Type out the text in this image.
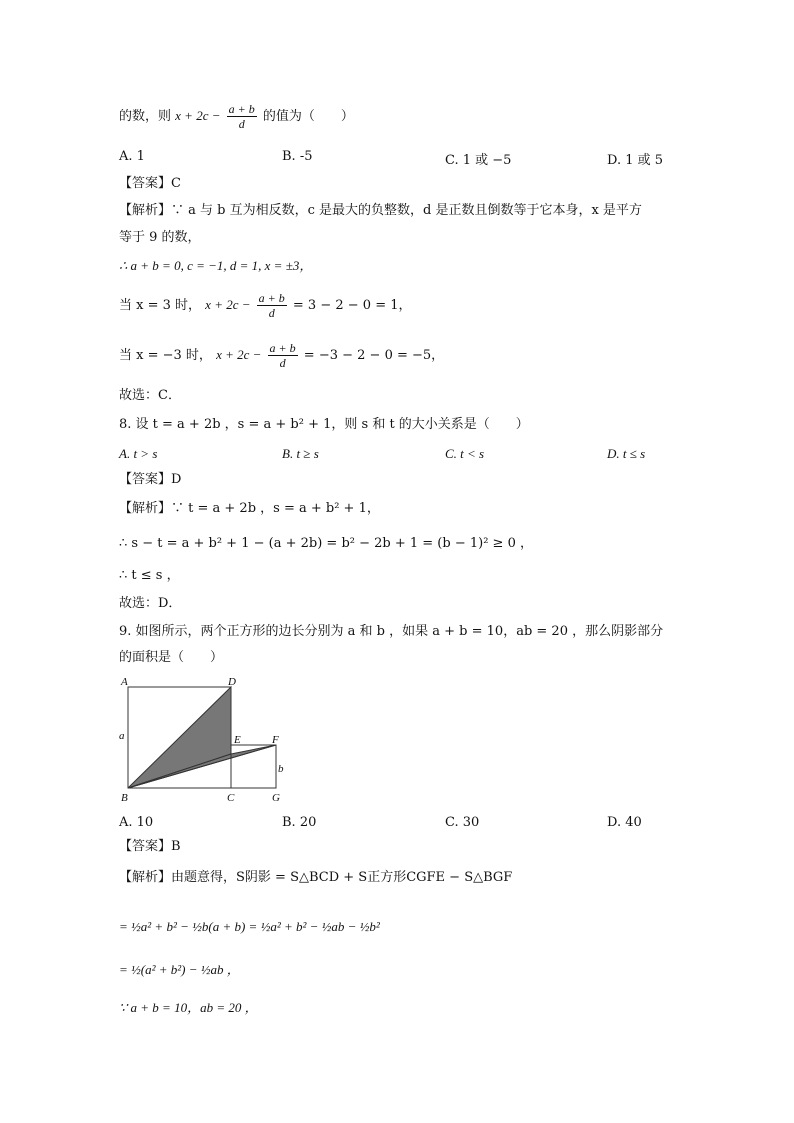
的数，则 $x + 2c - \frac{a + b}{d}$ 的值为（　　）
A. 1	B. -5	C. 1 或 −5	D. 1 或 5
【答案】C
【解析】∵ a 与 b 互为相反数，c 是最大的负整数，d 是正数且倒数等于它本身，x 是平方
等于 9 的数，
∴ a + b = 0, c = −1, d = 1, x = ±3，
当 x = 3 时， $x + 2c - \frac{a + b}{d} = 3 - 2 - 0 = 1$，
当 x = −3 时， $x + 2c - \frac{a + b}{d} = -3 - 2 - 0 = -5$，
故选：C．
8. 设 t = a + 2b ，s = a + b² + 1，则 s 和 t 的大小关系是（　　）
A. t > s	B. t ≥ s	C. t < s	D. t ≤ s
【答案】D
【解析】∵ t = a + 2b ，s = a + b² + 1，
∴ s − t = a + b² + 1 − (a + 2b) = b² − 2b + 1 = (b − 1)² ≥ 0 ，
∴ t ≤ s ，
故选：D．
9. 如图所示，两个正方形的边长分别为 a 和 b ，如果 a + b = 10，ab = 20 ，那么阴影部分
的面积是（　　）
A	D
E	F
a
b
B	C	G
A. 10	B. 20	C. 30	D. 40
【答案】B
【解析】由题意得，S阴影 = S△BCD + S正方形CGFE − S△BGF
= ½a² + b² − ½b(a + b) = ½a² + b² − ½ab − ½b²
= ½(a² + b²) − ½ab ，
∵ a + b = 10，ab = 20 ，
